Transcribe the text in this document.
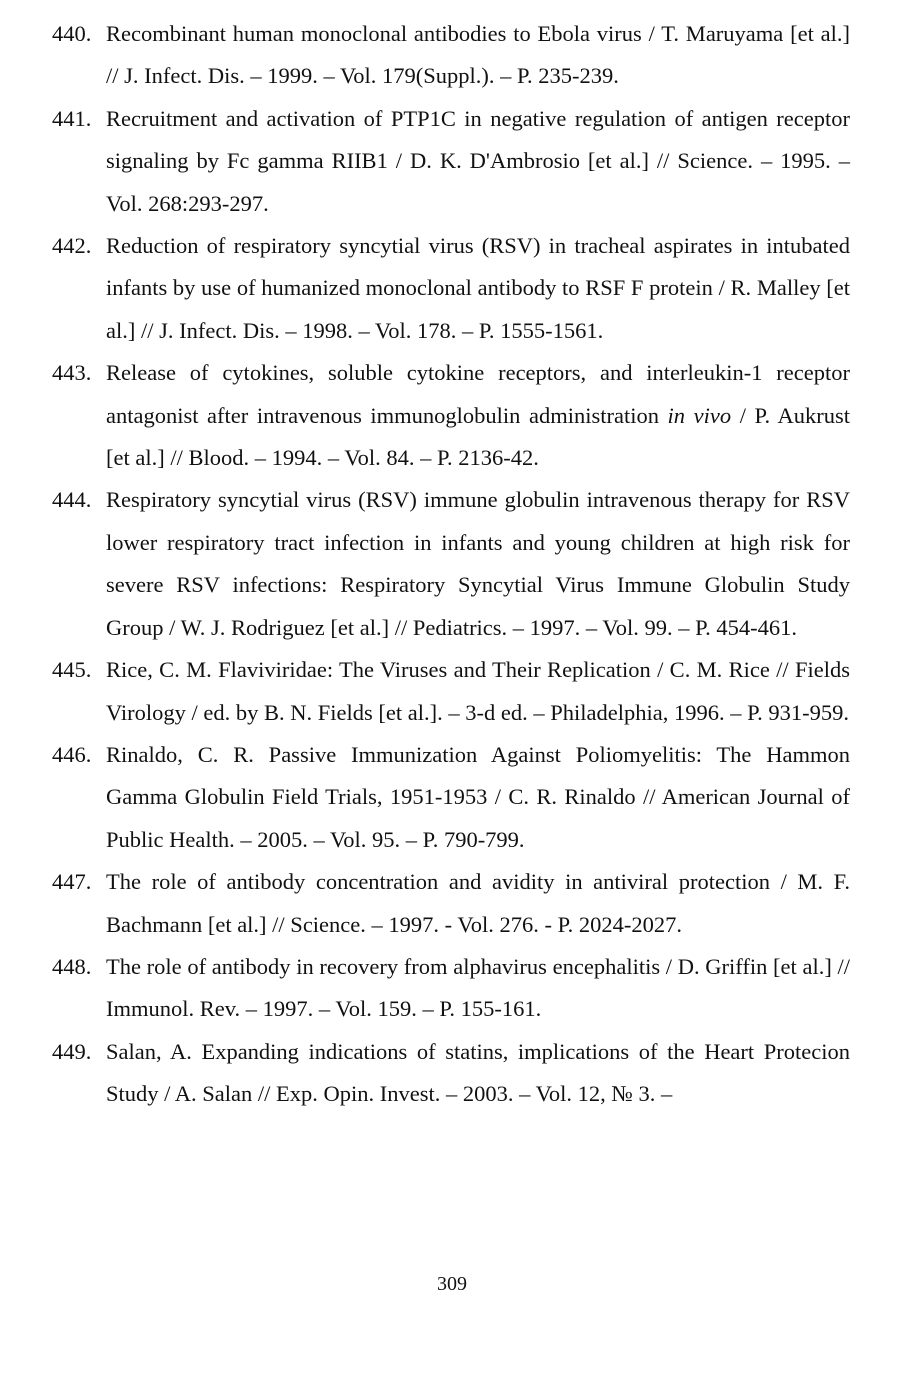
440. Recombinant human monoclonal antibodies to Ebola virus / T. Maruyama [et al.] // J. Infect. Dis. – 1999. – Vol. 179(Suppl.). – P. 235-239.
441. Recruitment and activation of PTP1C in negative regulation of antigen receptor signaling by Fc gamma RIIB1 / D. K. D'Ambrosio [et al.] // Science. – 1995. – Vol. 268:293-297.
442. Reduction of respiratory syncytial virus (RSV) in tracheal aspirates in intubated infants by use of humanized monoclonal antibody to RSF F protein / R. Malley [et al.] // J. Infect. Dis. – 1998. – Vol. 178. – P. 1555-1561.
443. Release of cytokines, soluble cytokine receptors, and interleukin-1 receptor antagonist after intravenous immunoglobulin administration in vivo / P. Aukrust [et al.] // Blood. – 1994. – Vol. 84. – P. 2136-42.
444. Respiratory syncytial virus (RSV) immune globulin intravenous therapy for RSV lower respiratory tract infection in infants and young children at high risk for severe RSV infections: Respiratory Syncytial Virus Immune Globulin Study Group / W. J. Rodriguez [et al.] // Pediatrics. – 1997. – Vol. 99. – P. 454-461.
445. Rice, C. M. Flaviviridae: The Viruses and Their Replication / C. M. Rice // Fields Virology / ed. by B. N. Fields [et al.]. – 3-d ed. – Philadelphia, 1996. – P. 931-959.
446. Rinaldo, C. R. Passive Immunization Against Poliomyelitis: The Hammon Gamma Globulin Field Trials, 1951-1953 / C. R. Rinaldo // American Journal of Public Health. – 2005. – Vol. 95. – P. 790-799.
447. The role of antibody concentration and avidity in antiviral protection / M. F. Bachmann [et al.] // Science. – 1997. - Vol. 276. - P. 2024-2027.
448. The role of antibody in recovery from alphavirus encephalitis / D. Griffin [et al.] // Immunol. Rev. – 1997. – Vol. 159. – P. 155-161.
449. Salan, A. Expanding indications of statins, implications of the Heart Protecion Study / A. Salan // Exp. Opin. Invest. – 2003. – Vol. 12, № 3. –
309
